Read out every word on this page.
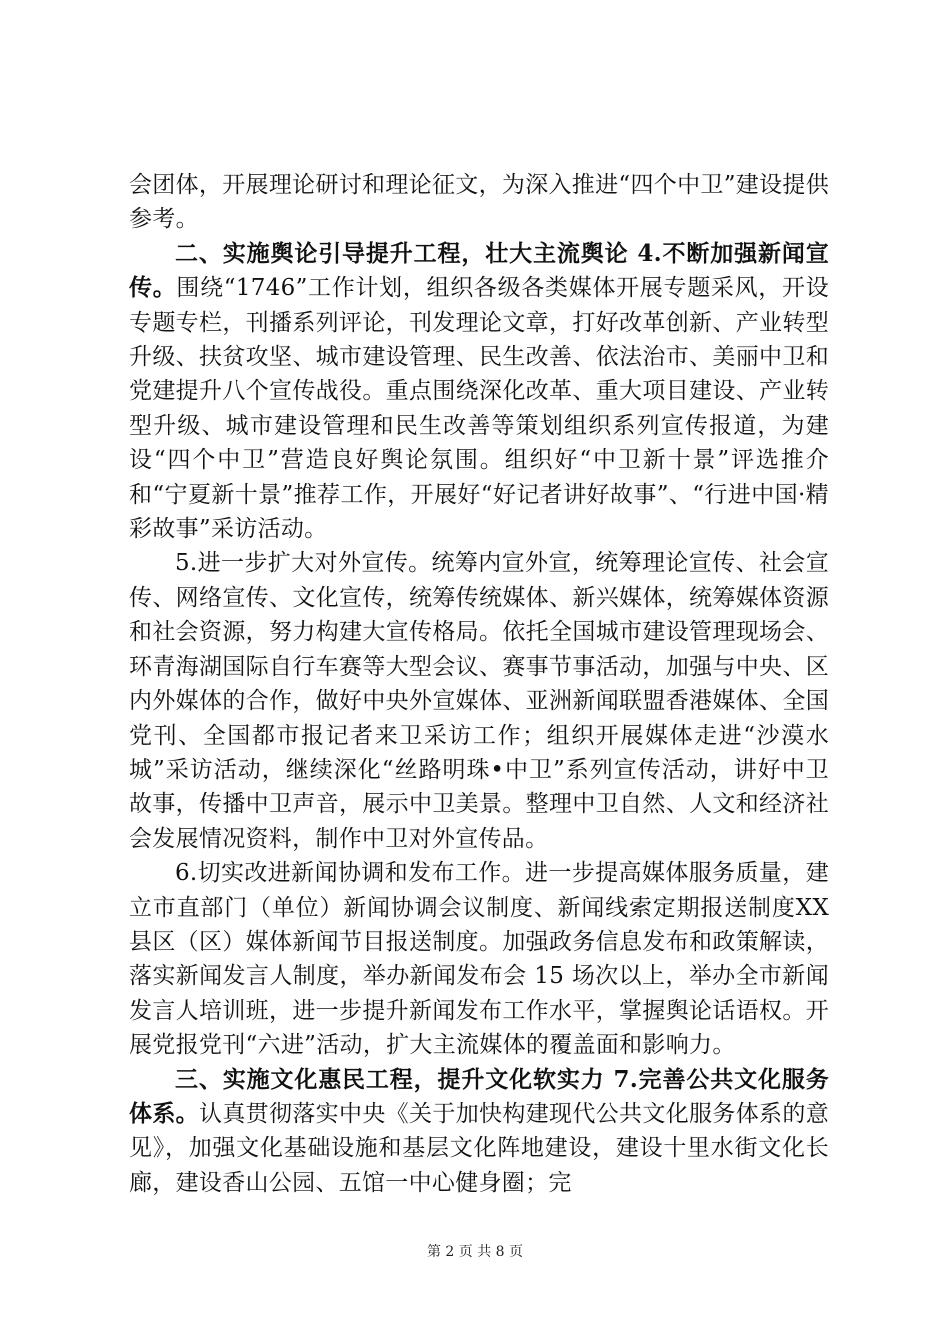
会团体，开展理论研讨和理论征文，为深入推进“四个中卫”建设提供参考。

二、实施舆论引导提升工程，壮大主流舆论 4.不断加强新闻宣传。围绕“1746”工作计划，组织各级各类媒体开展专题采风，开设专题专栏，刊播系列评论，刊发理论文章，打好改革创新、产业转型升级、扶贫攻坚、城市建设管理、民生改善、依法治市、美丽中卫和党建提升八个宣传战役。重点围绕深化改革、重大项目建设、产业转型升级、城市建设管理和民生改善等策划组织系列宣传报道，为建设“四个中卫”营造良好舆论氛围。组织好“中卫新十景”评选推介和“宁夏新十景”推荐工作，开展好“好记者讲好故事”、“行进中国·精彩故事”采访活动。

5.进一步扩大对外宣传。统筹内宣外宣，统筹理论宣传、社会宣传、网络宣传、文化宣传，统筹传统媒体、新兴媒体，统筹媒体资源和社会资源，努力构建大宣传格局。依托全国城市建设管理现场会、环青海湖国际自行车赛等大型会议、赛事节事活动，加强与中央、区内外媒体的合作，做好中央外宣媒体、亚洲新闻联盟香港媒体、全国党刊、全国都市报记者来卫采访工作；组织开展媒体走进“沙漠水城”采访活动，继续深化“丝路明珠•中卫”系列宣传活动，讲好中卫故事，传播中卫声音，展示中卫美景。整理中卫自然、人文和经济社会发展情况资料，制作中卫对外宣传品。

6.切实改进新闻协调和发布工作。进一步提高媒体服务质量，建立市直部门（单位）新闻协调会议制度、新闻线索定期报送制度XX县区（区）媒体新闻节目报送制度。加强政务信息发布和政策解读，落实新闻发言人制度，举办新闻发布会 15 场次以上，举办全市新闻发言人培训班，进一步提升新闻发布工作水平，掌握舆论话语权。开展党报党刊“六进”活动，扩大主流媒体的覆盖面和影响力。

三、实施文化惠民工程，提升文化软实力 7.完善公共文化服务体系。认真贯彻落实中央《关于加快构建现代公共文化服务体系的意见》，加强文化基础设施和基层文化阵地建设，建设十里水街文化长廊，建设香山公园、五馆一中心健身圈；完

第 2 页 共 8 页
